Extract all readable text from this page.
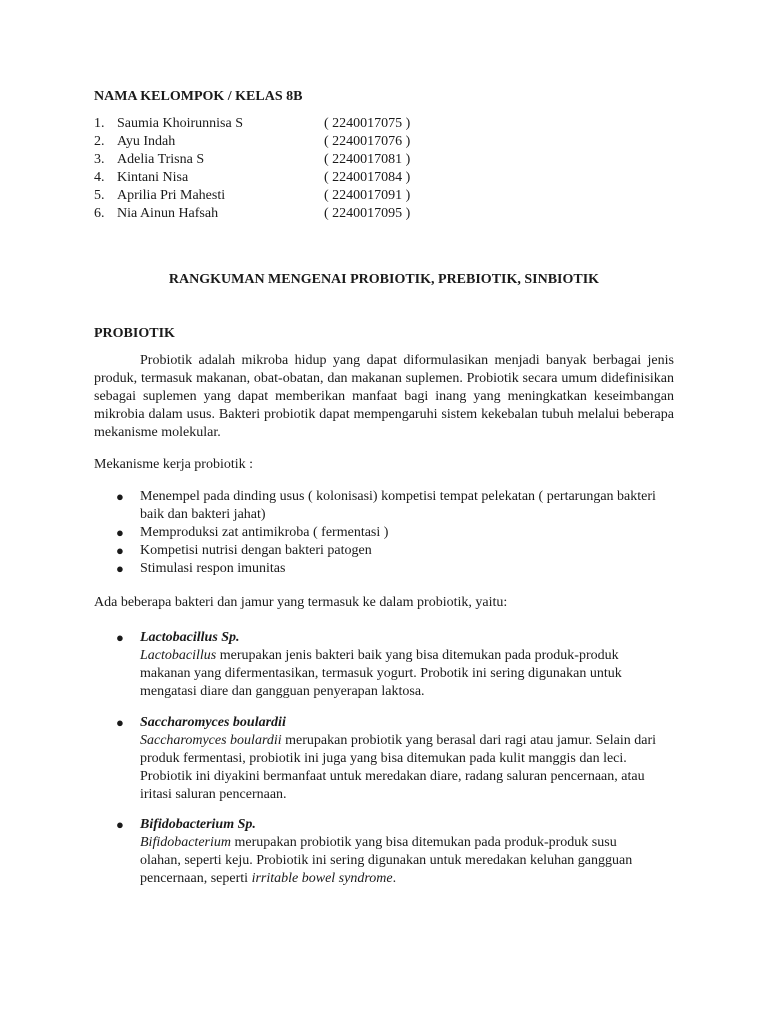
NAMA KELOMPOK / KELAS 8B
1. Saumia Khoirunnisa S	( 2240017075 )
2. Ayu Indah	( 2240017076 )
3. Adelia Trisna S	( 2240017081 )
4. Kintani Nisa	( 2240017084 )
5. Aprilia Pri Mahesti	( 2240017091 )
6. Nia Ainun Hafsah	( 2240017095 )
RANGKUMAN MENGENAI PROBIOTIK, PREBIOTIK, SINBIOTIK
PROBIOTIK

Probiotik adalah mikroba hidup yang dapat diformulasikan menjadi banyak berbagai jenis produk, termasuk makanan, obat-obatan, dan makanan suplemen. Probiotik secara umum didefinisikan sebagai suplemen yang dapat memberikan manfaat bagi inang yang meningkatkan keseimbangan mikrobia dalam usus. Bakteri probiotik dapat mempengaruhi sistem kekebalan tubuh melalui beberapa mekanisme molekular.

Mekanisme kerja probiotik :
● Menempel pada dinding usus ( kolonisasi) kompetisi tempat pelekatan ( pertarungan bakteri baik dan bakteri jahat)
● Memproduksi zat antimikroba ( fermentasi )
● Kompetisi nutrisi dengan bakteri patogen
● Stimulasi respon imunitas
Ada beberapa bakteri dan jamur yang termasuk ke dalam probiotik, yaitu:
● Lactobacillus Sp.

Lactobacillus merupakan jenis bakteri baik yang bisa ditemukan pada produk-produk makanan yang difermentasikan, termasuk yogurt. Probotik ini sering digunakan untuk mengatasi diare dan gangguan penyerapan laktosa.

● Saccharomyces boulardii

Saccharomyces boulardii merupakan probiotik yang berasal dari ragi atau jamur. Selain dari produk fermentasi, probiotik ini juga yang bisa ditemukan pada kulit manggis dan leci. Probiotik ini diyakini bermanfaat untuk meredakan diare, radang saluran pencernaan, atau iritasi saluran pencernaan.

● Bifidobacterium Sp.

Bifidobacterium merupakan probiotik yang bisa ditemukan pada produk-produk susu olahan, seperti keju. Probiotik ini sering digunakan untuk meredakan keluhan gangguan pencernaan, seperti irritable bowel syndrome.
